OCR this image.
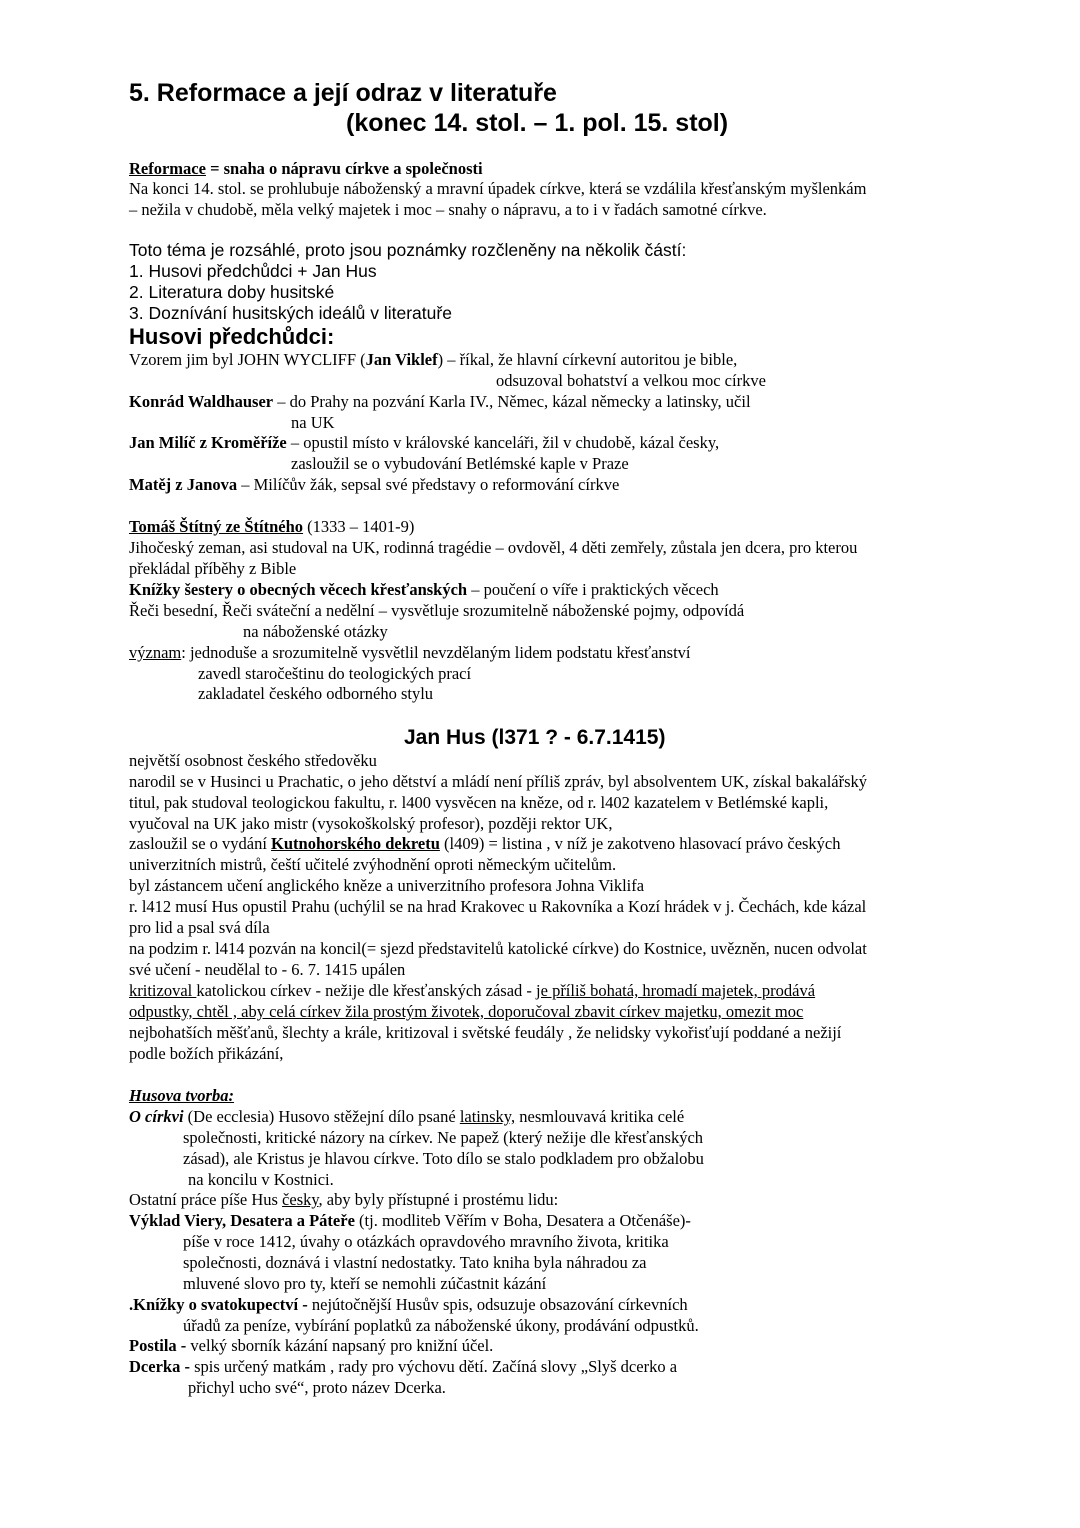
5. Reformace a její odraz v literatuře
(konec 14. stol. – 1. pol. 15. stol)
Reformace = snaha o nápravu církve a společnosti
Na konci 14. stol. se prohlubuje náboženský a mravní úpadek církve, která se vzdálila křesťanským myšlenkám
– nežila v chudobě, měla velký majetek i moc – snahy o nápravu, a to i v řadách samotné církve.
Toto téma je rozsáhlé, proto jsou poznámky rozčleněny na několik částí:
1. Husovi předchůdci + Jan Hus
2. Literatura doby husitské
3. Doznívání husitských ideálů v literatuře
Husovi předchůdci:
Vzorem jim byl JOHN WYCLIFF (Jan Viklef) – říkal, že hlavní církevní autoritou je bible,
odsuzoval bohatství a velkou moc církve
Konrád Waldhauser – do Prahy na pozvání Karla IV., Němec, kázal německy a latinsky, učil
na UK
Jan Milíč z Kroměříže – opustil místo v královské kanceláři, žil v chudobě, kázal česky,
zasloužil se o vybudování Betlémské kaple v Praze
Matěj z Janova – Milíčův žák, sepsal své představy o reformování církve
Tomáš Štítný ze Štítného (1333 – 1401-9)
Jihočeský zeman, asi studoval na UK, rodinná tragédie – ovdověl, 4 děti zemřely, zůstala jen dcera, pro kterou
překládal příběhy z Bible
Knížky šestery o obecných věcech křesťanských – poučení o víře i praktických věcech
Řeči besední, Řeči sváteční a nedělní – vysvětluje srozumitelně náboženské pojmy, odpovídá
na náboženské otázky
význam: jednoduše a srozumitelně vysvětlil nevzdělaným lidem podstatu křesťanství
zavedl staročeštinu do teologických prací
zakladatel českého odborného stylu
Jan Hus (l371 ? - 6.7.1415)
největší osobnost českého středověku
narodil se v Husinci u Prachatic, o jeho dětství a mládí není příliš zpráv, byl absolventem UK, získal bakalářský
titul, pak studoval teologickou fakultu, r. l400 vysvěcen na kněze, od r. l402 kazatelem v Betlémské kapli,
vyučoval na UK jako mistr (vysokoškolský profesor), později rektor UK,
zasloužil se o vydání Kutnohorského dekretu (l409) = listina , v níž je zakotveno hlasovací právo českých
univerzitních mistrů, čeští učitelé zvýhodnění oproti německým učitelům.
byl zástancem učení anglického kněze a univerzitního profesora Johna Viklifa
r. l412 musí Hus opustil Prahu (uchýlil se na hrad Krakovec u Rakovníka a Kozí hrádek v j. Čechách, kde kázal
pro lid a psal svá díla
na podzim r. l414 pozván na koncil(= sjezd představitelů katolické církve) do Kostnice, uvězněn, nucen odvolat
své učení - neudělal to - 6. 7. 1415 upálen
kritizoval katolickou církev - nežije dle křesťanských zásad - je příliš bohatá, hromadí majetek, prodává
odpustky, chtěl , aby celá církev žila prostým životek, doporučoval zbavit církev majetku, omezit moc
nejbohatších měšťanů, šlechty a krále, kritizoval i světské feudály , že nelidsky vykořisťují poddané a nežijí
podle božích přikázání,
Husova tvorba:
O církvi (De ecclesia) Husovo stěžejní dílo psané latinsky, nesmlouvavá kritika celé
společnosti, kritické názory na církev. Ne papež (který nežije dle křesťanských
zásad), ale Kristus je hlavou církve. Toto dílo se stalo podkladem pro obžalobu
na koncilu v Kostnici.
Ostatní práce píše Hus česky, aby byly přístupné i prostému lidu:
Výklad Viery, Desatera a Páteře (tj. modliteb Věřím v Boha, Desatera a Otčenáše)-
píše v roce 1412, úvahy o otázkách opravdového mravního života, kritika
společnosti, doznává i vlastní nedostatky. Tato kniha byla náhradou za
mluvené slovo pro ty, kteří se nemohli zúčastnit kázání
.Knížky o svatokupectví - nejútočnější Husův spis, odsuzuje obsazování církevních
úřadů za peníze, vybírání poplatků za náboženské úkony, prodávání odpustků.
Postila - velký sborník kázání napsaný pro knižní účel.
Dcerka - spis určený matkám , rady pro výchovu dětí. Začíná slovy „Slyš dcerko a
přichyl ucho své“, proto název Dcerka.
